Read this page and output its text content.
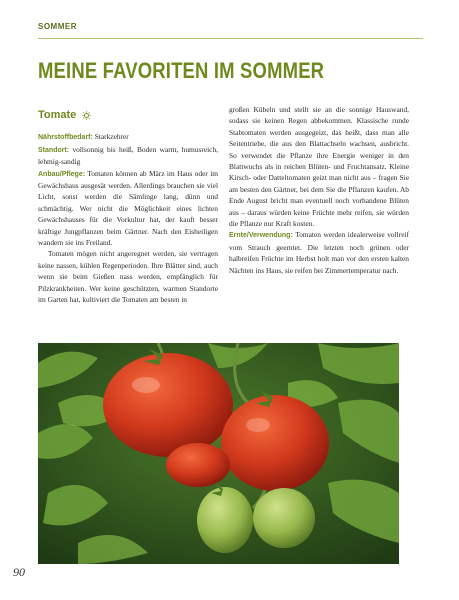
SOMMER
MEINE FAVORITEN IM SOMMER
Tomate

Nährstoffbedarf: Starkzehrer

Standort: vollsonnig bis heiß, Boden warm, humusreich, lehmig-sandig

Anbau/Pflege: Tomaten können ab März im Haus oder im Gewächshaus ausgesät werden. Allerdings brauchen sie viel Licht, sonst werden die Sämlinge lang, dünn und schmächtig. Wer nicht die Möglichkeit eines lichten Gewächshauses für die Vorkultur hat, der kauft besser kräftige Jungpflanzen beim Gärtner. Nach den Eisheiligen wandern sie ins Freiland.

Tomaten mögen nicht angeregnet werden, sie vertragen keine nassen, kühlen Regenperioden. Ihre Blätter sind, auch wenn sie beim Gießen nass werden, empfänglich für Pilzkrankheiten. Wer keine geschützten, warmen Standorte im Garten hat, kultiviert die Tomaten am besten in

großen Kübeln und stellt sie an die sonnige Hauswand, sodass sie keinen Regen abbekommen. Klassische runde Stabtomaten werden ausgegeizt, das heißt, dass man alle Seitentriebe, die aus den Blattachseln wachsen, ausbricht. So verwendet die Pflanze ihre Energie weniger in den Blattwuchs als in reichen Blüten- und Fruchtansatz. Kleine Kirsch- oder Datteltomaten geizt man nicht aus – fragen Sie am besten den Gärtner, bei dem Sie die Pflanzen kaufen. Ab Ende August bricht man eventuell noch vorhandene Blüten aus – daraus würden keine Früchte mehr reifen, sie würden die Pflanze nur Kraft kosten.

Ernte/Verwendung: Tomaten werden idealerweise vollreif vom Strauch geerntet. Die letzten noch grünen oder halbreifen Früchte im Herbst holt man vor den ersten kalten Nächten ins Haus, sie reifen bei Zimmertemperatur nach.

90
